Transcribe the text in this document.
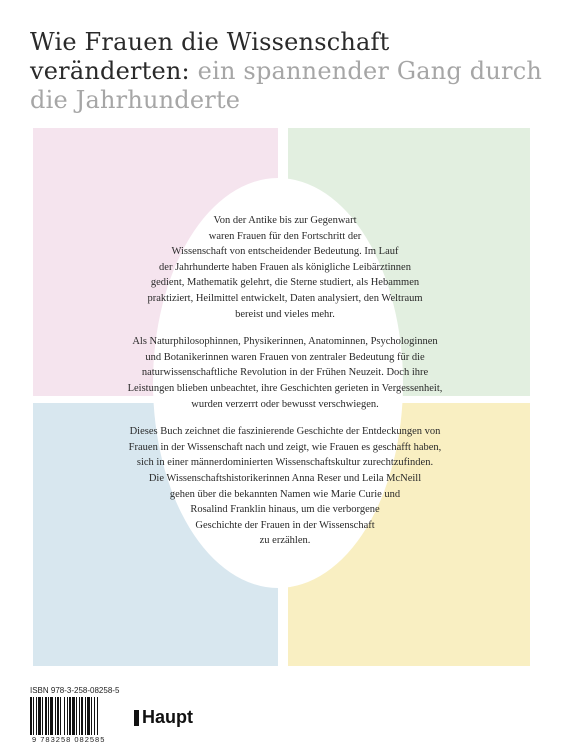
Wie Frauen die Wissenschaft veränderten: ein spannender Gang durch die Jahrhunderte

Von der Antike bis zur Gegenwart
waren Frauen für den Fortschritt der
Wissenschaft von entscheidender Bedeutung. Im Lauf
der Jahrhunderte haben Frauen als königliche Leibärztinnen
gedient, Mathematik gelehrt, die Sterne studiert, als Hebammen
praktiziert, Heilmittel entwickelt, Daten analysiert, den Weltraum
bereist und vieles mehr.

Als Naturphilosophinnen, Physikerinnen, Anatominnen, Psychologinnen
und Botanikerinnen waren Frauen von zentraler Bedeutung für die
naturwissenschaftliche Revolution in der Frühen Neuzeit. Doch ihre
Leistungen blieben unbeachtet, ihre Geschichten gerieten in Vergessenheit,
wurden verzerrt oder bewusst verschwiegen.

Dieses Buch zeichnet die faszinierende Geschichte der Entdeckungen von
Frauen in der Wissenschaft nach und zeigt, wie Frauen es geschafft haben,
sich in einer männerdominierten Wissenschaftskultur zurechtzufinden.
Die Wissenschaftshistorikerinnen Anna Reser und Leila McNeill
gehen über die bekannten Namen wie Marie Curie und
Rosalind Franklin hinaus, um die verborgene
Geschichte der Frauen in der Wissenschaft
zu erzählen.

ISBN 978-3-258-08258-5
9 783258 082585
Haupt
